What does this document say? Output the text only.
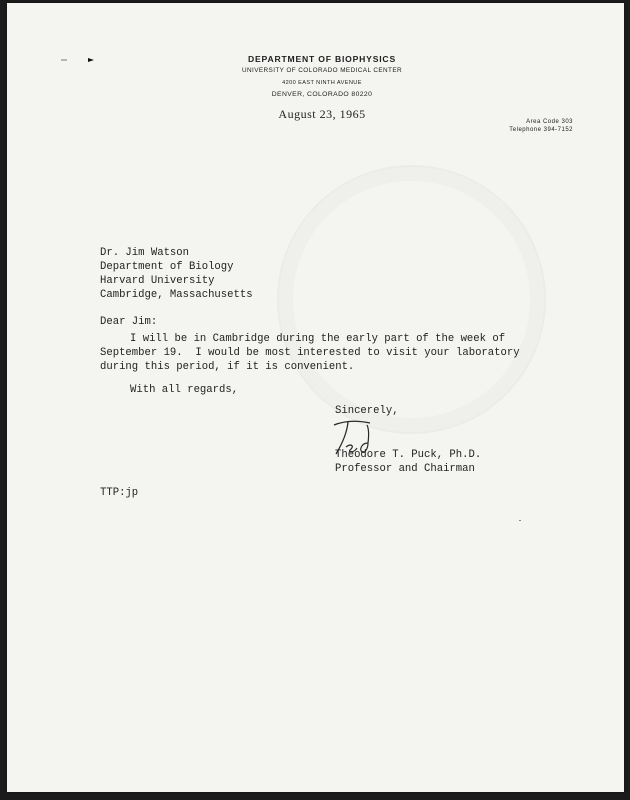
DEPARTMENT OF BIOPHYSICS
UNIVERSITY OF COLORADO MEDICAL CENTER
4200 EAST NINTH AVENUE
DENVER, COLORADO 80220
August 23, 1965
Area Code 303
Telephone 394-7152
Dr. Jim Watson
Department of Biology
Harvard University
Cambridge, Massachusetts
Dear Jim:
I will be in Cambridge during the early part of the week of
September 19.  I would be most interested to visit your laboratory
during this period, if it is convenient.
With all regards,
Sincerely,
Theodore T. Puck, Ph.D.
Professor and Chairman
TTP:jp
